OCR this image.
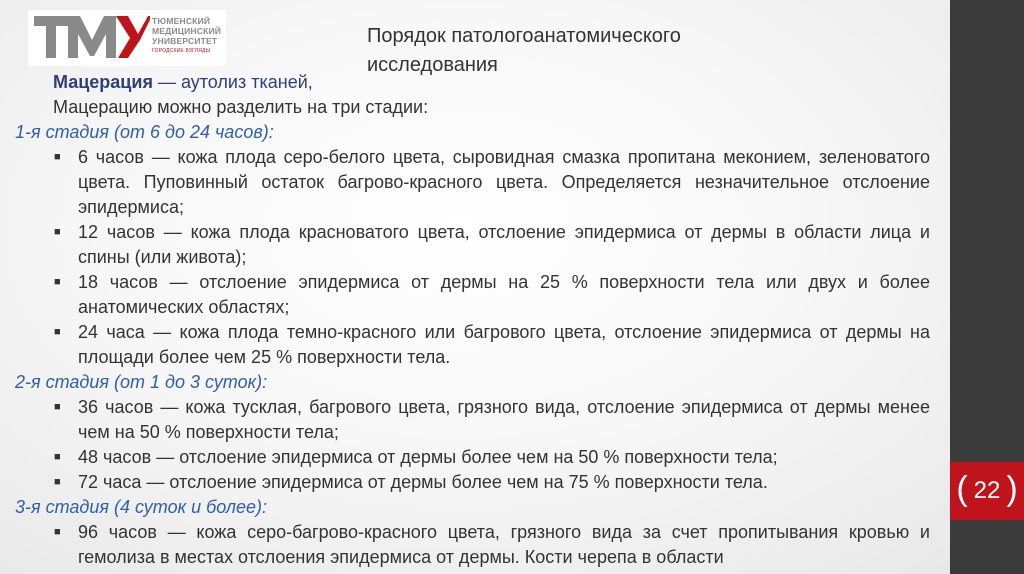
( 22 )
ТЮМЕНСКИЙ
МЕДИЦИНСКИЙ
УНИВЕРСИТЕТ
ГОРОДСКИЕ ВЗГЛЯДЫ
Порядок патологоанатомического
исследования
Мацерация — аутолиз тканей,
Мацерацию можно разделить на три стадии:
1-я стадия (от 6 до 24 часов):
■ 6 часов — кожа плода серо-белого цвета, сыровидная смазка пропитана меконием, зеленоватого цвета. Пуповинный остаток багрово-красного цвета. Определяется незначительное отслоение эпидермиса;
■ 12 часов — кожа плода красноватого цвета, отслоение эпидермиса от дермы в области лица и спины (или живота);
■ 18 часов — отслоение эпидермиса от дермы на 25 % поверхности тела или двух и более анатомических областях;
■ 24 часа — кожа плода темно-красного или багрового цвета, отслоение эпидермиса от дермы на площади более чем 25 % поверхности тела.
2-я стадия (от 1 до 3 суток):
■ 36 часов — кожа тусклая, багрового цвета, грязного вида, отслоение эпидермиса от дермы менее чем на 50 % поверхности тела;
■ 48 часов — отслоение эпидермиса от дермы более чем на 50 % поверхности тела;
■ 72 часа — отслоение эпидермиса от дермы более чем на 75 % поверхности тела.
3-я стадия (4 суток и более):
■ 96 часов — кожа серо-багрово-красного цвета, грязного вида за счет пропитывания кровью и гемолиза в местах отслоения эпидермиса от дермы. Кости черепа в области
